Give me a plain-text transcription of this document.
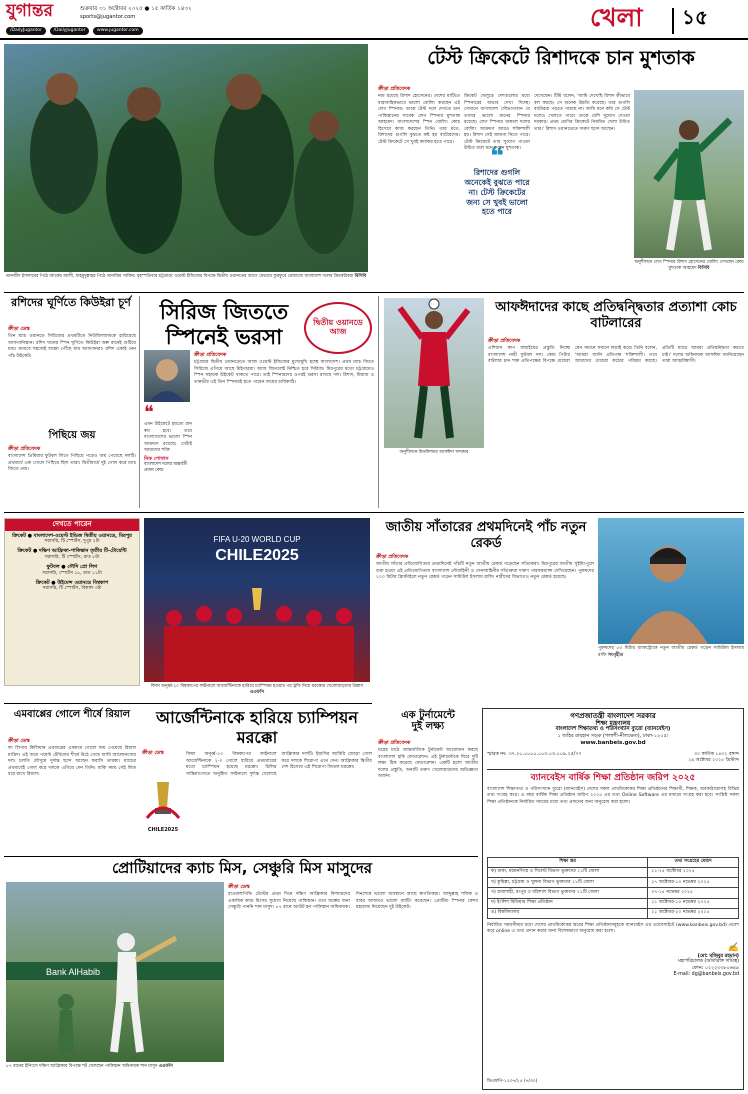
যুগান্তর	শুক্রবার ৩১ অক্টোবর ২০২৫ ● ১৫ কার্তিক ১৪৩২
sports@jugantor.com
/DailyJugantor	/DailyJugantor	www.jugantor.com	খেলা ১৫
তানজীদ ইসলামের পিঠে জাকের আলী, মাহমুদুল্লাহর পিঠে তানজিম সাকিব। বৃহস্পতিবার চট্টগ্রামে ওয়েস্ট ইন্ডিজের বিপক্ষে দ্বিতীয় ওয়ানডের আগে যেভাবে ফুরফুরে মেজাজে বাংলাদেশ দলের ক্রিকেটাররা বিসিবি
টেস্ট ক্রিকেটে রিশাদকে চান মুশতাক
ক্রীড়া প্রতিবেদক
নাম রয়েছে রিশাদ হোসেনের। দেশের মাটিতে ধারাবাহিকভাবে ভালো বোলিং করছেন এই লেগ স্পিনার। তাকে টেস্ট দলে দেখতে চান পাকিস্তানের সাবেক লেগ স্পিনার মুশতাক আহমেদ। বাংলাদেশের স্পিন বোলিং কোচ হিসেবে কাজ করছেন তিনি। তার মতে, রিশাদের গুগলি বুঝতে কষ্ট হয় ব্যাটারদের। টেস্ট ক্রিকেটে সে খুবই কার্যকর হতে পারে।	❝
রিশাদের গুগলি অনেকেই বুঝতে পারে না। টেস্ট ক্রিকেটের জন্য সে খুবই ভালো হতে পারে
ক্রিকেট খেলুড়ে দেশগুলোর মধ্যে স্পিনারের অভাব দেখা দিচ্ছে। সেখানে বাংলাদেশ সৌভাগ্যবান যে তাদের ভালো মানের স্পিনার রয়েছে। লেগ স্পিনার থাকলে দলের বোলিং আক্রমণ আরও শক্তিশালী হয়। রিশাদ সেই জায়গা নিতে পারে। টেস্ট ক্রিকেটে তার সুযোগ পাওয়া উচিত বলে মনে করেন মুশতাক।
দেখেছেন। টিমি বলেন, 'আমি দেখেছি রিশাদ কীভাবে বল করছে। সে অনেক উন্নতি করেছে। তার গুগলি ব্যাটাররা পড়তে পারছে না। আমি মনে করি সে টেস্ট দলেও খেলতে পারে। তাকে বেশি সুযোগ দেওয়া দরকার। প্রথম শ্রেণির ক্রিকেটে নিয়মিত খেলা উচিত তার।' রিশাদ ওয়ানডেতে দারুণ ছন্দে আছেন।
অনুশীলনে লেগ স্পিনার রিশাদ হোসেনের বোলিং দেখছেন কোচ মুশতাক আহমেদ বিসিবি
রশিদের ঘূর্ণিতে কিউইরা চূর্ণ
ক্রীড়া ডেস্ক
তিন ম্যাচ ওয়ানডে সিরিজের প্রথমটিতে নিউজিল্যান্ডকে হারিয়েছে আফগানিস্তান। রশিদ খানের স্পিন ঘূর্ণিতে কিউইরা অল্প রানেই গুটিয়ে যায়। জবাবে সহজেই লক্ষ্যে পৌঁছে যায় আফগানরা। রশিদ একাই নেন পাঁচ উইকেট।
পিছিয়ে জয়
ক্রীড়া প্রতিবেদক
বাংলাদেশ প্রিমিয়ার ফুটবল লিগে পিছিয়ে পড়েও জয় পেয়েছে দলটি। প্রথমার্ধে এক গোলে পিছিয়ে ছিল তারা। দ্বিতীয়ার্ধে দুই গোল করে ম্যাচ জিতে নেয়।
সিরিজ জিততে স্পিনেই ভরসা
দ্বিতীয় ওয়ানডে আজ
ক্রীড়া প্রতিবেদক
চট্টগ্রামে দ্বিতীয় ওয়ানডেতে আজ ওয়েস্ট ইন্ডিজের মুখোমুখি হচ্ছে বাংলাদেশ। প্রথম ম্যাচ জিতে সিরিজে এগিয়ে আছে টাইগাররা। আজ জিতলেই নিশ্চিত হবে সিরিজ। মিরপুরের মতো চট্টগ্রামেও স্পিন সহায়ক উইকেট থাকতে পারে। তাই স্পিনারদের ওপরই ভরসা রাখছে দল। রিশাদ, মিরাজ ও তানভীর এই তিন স্পিনারই হতে পারেন জয়ের চাবিকাঠি।
❝
এমন উইকেটে হয়তো রান কম হবে। তবে বাংলাদেশের ভালো স্পিন আক্রমণ রয়েছে। সেটাই আমাদের শক্তি
নিক পোথাস
বাংলাদেশ দলের অন্তর্বর্তী প্রধান কোচ
অনুশীলনে মিডফিল্ডার আফঈদা খন্দকার
আফঈদাদের কাছে প্রতিদ্বন্দ্বিতার প্রত্যাশা কোচ বাটলারের
ক্রীড়া প্রতিবেদক
এশিয়ান কাপ বাছাইয়ের প্রস্তুতি নিচ্ছে বাংলাদেশ নারী ফুটবল দল। কোচ পিটার বাটলার চান শক্ত প্রতিপক্ষের বিপক্ষে মেয়েরা যেন সমানে সমানে লড়াই করে। তিনি বলেন, 'আমরা জানি প্রতিপক্ষ শক্তিশালী। তবে আমাদের মেয়েরা কঠোর পরিশ্রম করছে। প্রতিটি ম্যাচে আমরা প্রতিদ্বন্দ্বিতা করতে চাই।' দলের অধিনায়ক আফঈদা জানিয়েছেন তারা আত্মবিশ্বাসী।
দেখতে পারেন
ক্রিকেট ● বাংলাদেশ-ওয়েস্ট ইন্ডিজ দ্বিতীয় ওয়ানডে, মিরপুর
সরাসরি, টি স্পোর্টস, দুপুর ২টা
ক্রিকেট ● দক্ষিণ আফ্রিকা-পাকিস্তান তৃতীয় টি-টোয়েন্টি
সরাসরি, টি স্পোর্টস, রাত ৮টা
ফুটবল ● সৌদি প্রো লিগ
সরাসরি, স্পোর্টস ১৮, রাত ১১টা
ক্রিকেট ● উইমেন্স ওয়ানডে বিশ্বকাপ
সরাসরি, টি স্পোর্টস, বিকাল ৩টা
FIFA U-20 WORLD CUP
CHILE2025
ফিফা অনূর্ধ্ব-২০ বিশ্বকাপের ফাইনালে আর্জেন্টিনাকে হারিয়ে চ্যাম্পিয়ন হওয়ার পর ট্রফি নিয়ে মরক্কোর খেলোয়াড়দের উল্লাস এএফপি
জাতীয় সাঁতারের প্রথমদিনেই পাঁচ নতুন রেকর্ড
ক্রীড়া প্রতিবেদক
জাতীয় সাঁতার প্রতিযোগিতার প্রথমদিনেই পাঁচটি নতুন জাতীয় রেকর্ড গড়েছেন সাঁতারুরা। মিরপুরের জাতীয় সুইমিংপুলে শুরু হওয়া এই প্রতিযোগিতায় বাংলাদেশ নৌবাহিনী ও সেনাবাহিনীর সাঁতারুরা দারুণ পারফরম্যান্স দেখিয়েছেন। পুরুষদের ২০০ মিটার ফ্রিস্টাইলে নতুন রেকর্ড গড়েন সামিউল ইসলাম রাফি। নারীদের বিভাগেও নতুন রেকর্ড হয়েছে।
পুরুষদের ৫০ মিটার ব্যাকস্ট্রোকে নতুন জাতীয় রেকর্ড গড়েন সামিউল ইসলাম রাফি সংগৃহীত
এমবাপ্পের গোলে শীর্ষে রিয়াল
ক্রীড়া ডেস্ক
লা লিগায় কিলিয়ান এমবাপ্পের একমাত্র গোলে জয় পেয়েছে রিয়াল মাদ্রিদ। এই জয়ে পয়েন্ট টেবিলের শীর্ষে উঠে গেছে জাবি আলোনসোর দল। চলতি মৌসুমে দুর্দান্ত ছন্দে আছেন ফরাসি তারকা। ম্যাচের প্রথমার্ধেই গোল করে দলকে এগিয়ে দেন তিনি। বাকি সময় সেই লিড ধরে রাখে রিয়াল।
আর্জেন্টিনাকে হারিয়ে চ্যাম্পিয়ন মরক্কো
ক্রীড়া ডেস্ক
CHILE2025
ফিফা অনূর্ধ্ব-২০ বিশ্বকাপের ফাইনালে আর্জেন্টিনাকে ২-০ গোলে হারিয়ে প্রথমবারের মতো চ্যাম্পিয়ন হয়েছে মরক্কো। চিলির সান্তিয়াগোতে অনুষ্ঠিত ফাইনালে দুর্দান্ত খেলেছে আফ্রিকার দলটি। ইয়াসির জাবিরি জোড়া গোল করে দলকে শিরোপা এনে দেন। আফ্রিকার দ্বিতীয় দেশ হিসেবে এই শিরোপা জিতল মরক্কো।
এক টুর্নামেন্টে
দুই লক্ষ্য
ক্রীড়া প্রতিবেদক
ঘরের মাঠে আন্তর্জাতিক টুর্নামেন্ট আয়োজন করছে বাংলাদেশ হকি ফেডারেশন। এই টুর্নামেন্টকে ঘিরে দুটি লক্ষ্য ঠিক করেছে ফেডারেশন। একটি হলো জাতীয় দলের প্রস্তুতি, অন্যটি তরুণ খেলোয়াড়দের অভিজ্ঞতা অর্জন।
গণপ্রজাতন্ত্রী বাংলাদেশ সরকার
শিক্ষা মন্ত্রণালয়
বাংলাদেশ শিক্ষাতথ্য ও পরিসংখ্যান ব্যুরো (ব্যানবেইস)
১ জহির রায়হান সড়ক (পলাশী-নীলক্ষেত), ঢাকা-১২০৫।
www.banbeis.gov.bd
স্মারক নং: ৩৭.২০.০০০০.০০৩.০৩.০০৯.২৫/৭৭	৩০ কার্তিক ১৪৩২ বঙ্গাব্দ
২৯ অক্টোবর ২০২৫ খ্রিস্টাব্দ
ব্যানবেইস বার্ষিক শিক্ষা প্রতিষ্ঠান জরিপ ২০২৫
বাংলাদেশ শিক্ষাতথ্য ও পরিসংখ্যান ব্যুরো (ব্যানবেইস) দেশের সকল প্রাথমিকোত্তর শিক্ষা প্রতিষ্ঠানের শিক্ষার্থী, শিক্ষক, অবকাঠামোসহ বিভিন্ন তথ্য সংগ্রহ করে। এ বছর বার্ষিক শিক্ষা প্রতিষ্ঠান জরিপ ২০২৫ এর তথ্য Online Software এর মাধ্যমে সংগ্রহ করা হবে। সংশ্লিষ্ট সকল শিক্ষা প্রতিষ্ঠানকে নির্ধারিত সময়ের মধ্যে তথ্য প্রদানের জন্য অনুরোধ করা হলো।
শিক্ষা স্তর	তথ্য সংগ্রহের মেয়াদ
ক) ঢাকা, ময়মনসিংহ ও সিলেট বিভাগ ভুক্তদের ২১টি জেলা	২১-২৫ অক্টোবর ২০২৫
খ) কুমিল্লা, চট্টগ্রাম ও খুলনা বিভাগ ভুক্তদের ২১টি জেলা	২৭ অক্টোবর-১০ নভেম্বর ২০২৫
গ) রাজশাহী, রংপুর ও বরিশাল বিভাগ ভুক্তদের ২১টি জেলা	০৭-১৫ নভেম্বর ২০২৫
ঘ) ইংলিশ মিডিয়াম শিক্ষা প্রতিষ্ঠান	২১ অক্টোবর-১০ নভেম্বর ২০২৫
ঙ) বিশ্ববিদ্যালয়	২১ অক্টোবর-২০ নভেম্বর ২০২৫
নির্ধারিত সময়সীমার মধ্যে দেশের প্রাথমিকোত্তর স্তরের শিক্ষা প্রতিষ্ঠানসমূহকে ব্যানবেইস এর ওয়েবসাইটে (www.banbeis.gov.bd) প্রবেশ করে online এ তথ্য প্রদান করার জন্য বিশেষভাবে অনুরোধ করা হলো।
✍
(মো: মজিবুর রহমান)
মহাপরিচালক (অতিরিক্ত দায়িত্ব)
ফোন: ০২২২৩৩৮০৬৪৯
E-mail: dg@banbeis.gov.bd
ডিএফপি-১২৩৭/২৫ (৭/৩০)
প্রোটিয়াদের ক্যাচ মিস, সেঞ্চুরি মিস মাসুদের
Bank AlHabib
৮৭ রানের ইনিংসে দক্ষিণ আফ্রিকার বিপক্ষে শট খেলছেন পাকিস্তান অধিনায়ক শান মাসুদ এএফপি
ক্রীড়া ডেস্ক
রাওয়ালপিন্ডি টেস্টের প্রথম দিনে দক্ষিণ আফ্রিকার ফিল্ডারদের একাধিক ক্যাচ মিসের সুযোগ নিয়েছে পাকিস্তান। তবে অল্পের জন্য সেঞ্চুরি পাননি শান মাসুদ। ৮৭ রানে আউট হন পাকিস্তান অধিনায়ক। দিনশেষে ভালো অবস্থানে আছে স্বাগতিকরা। আব্দুল্লাহ শফিক ও বাবর আজমও ভালো ব্যাটিং করেছেন। প্রোটিয়া স্পিনার কেশব মহারাজ নিয়েছেন দুই উইকেট।
